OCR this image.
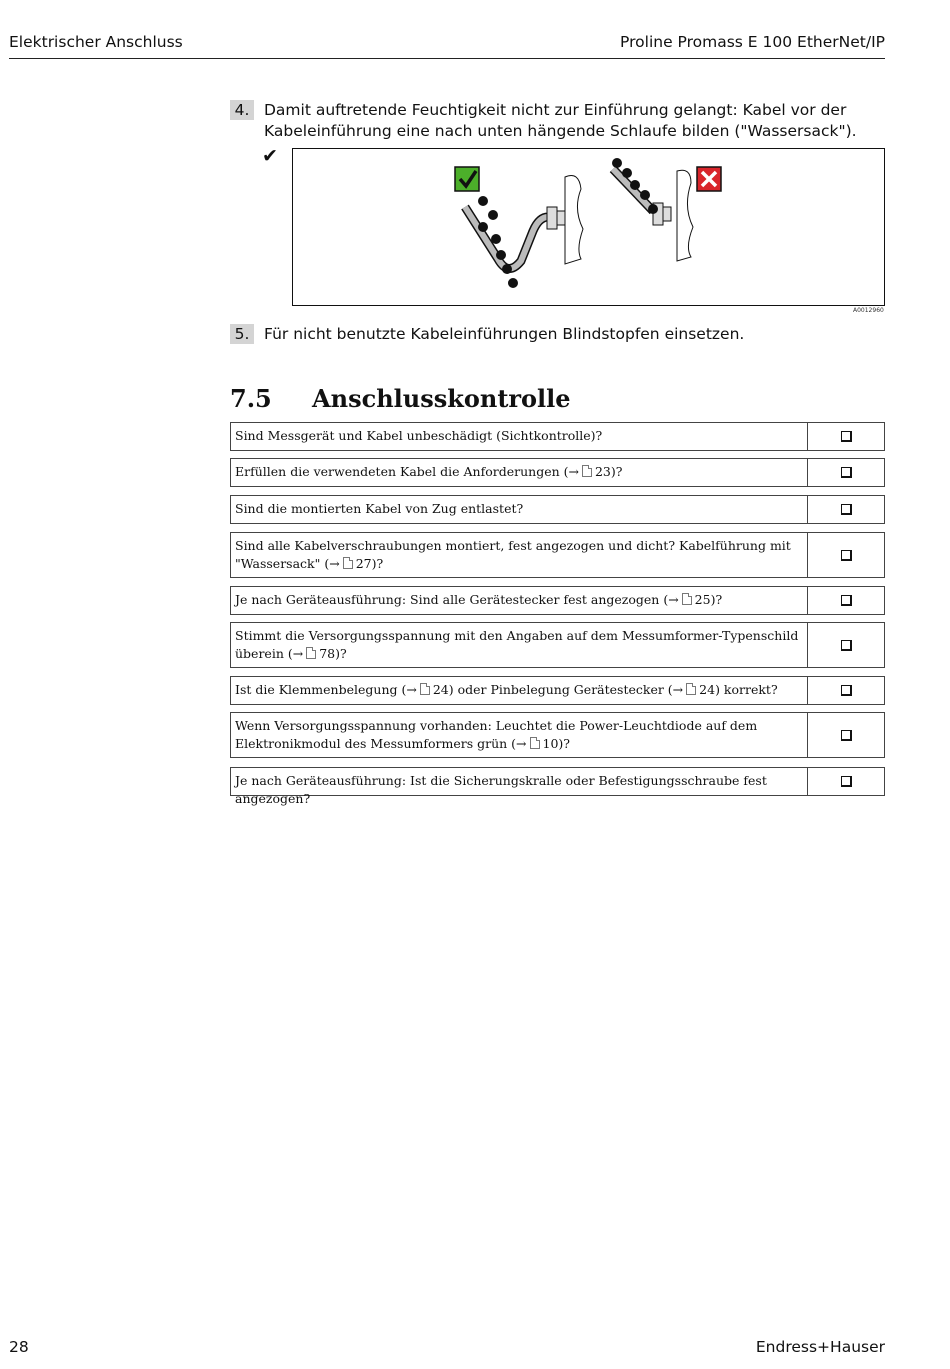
Elektrischer Anschluss	Proline Promass E 100 EtherNet/IP
4. Damit auftretende Feuchtigkeit nicht zur Einführung gelangt: Kabel vor der Kabeleinführung eine nach unten hängende Schlaufe bilden ("Wassersack").
✔
A0012960
5. Für nicht benutzte Kabeleinführungen Blindstopfen einsetzen.
7.5 Anschlusskontrolle
Sind Messgerät und Kabel unbeschädigt (Sichtkontrolle)?
Erfüllen die verwendeten Kabel die Anforderungen (→ 23)?
Sind die montierten Kabel von Zug entlastet?
Sind alle Kabelverschraubungen montiert, fest angezogen und dicht? Kabelführung mit "Wassersack" (→ 27)?
Je nach Geräteausführung: Sind alle Gerätestecker fest angezogen (→ 25)?
Stimmt die Versorgungsspannung mit den Angaben auf dem Messumformer-Typenschild überein (→ 78)?
Ist die Klemmenbelegung (→ 24) oder Pinbelegung Gerätestecker (→ 24) korrekt?
Wenn Versorgungsspannung vorhanden: Leuchtet die Power-Leuchtdiode auf dem Elektronikmodul des Messumformers grün (→ 10)?
Je nach Geräteausführung: Ist die Sicherungskralle oder Befestigungsschraube fest angezogen?
28	Endress+Hauser
